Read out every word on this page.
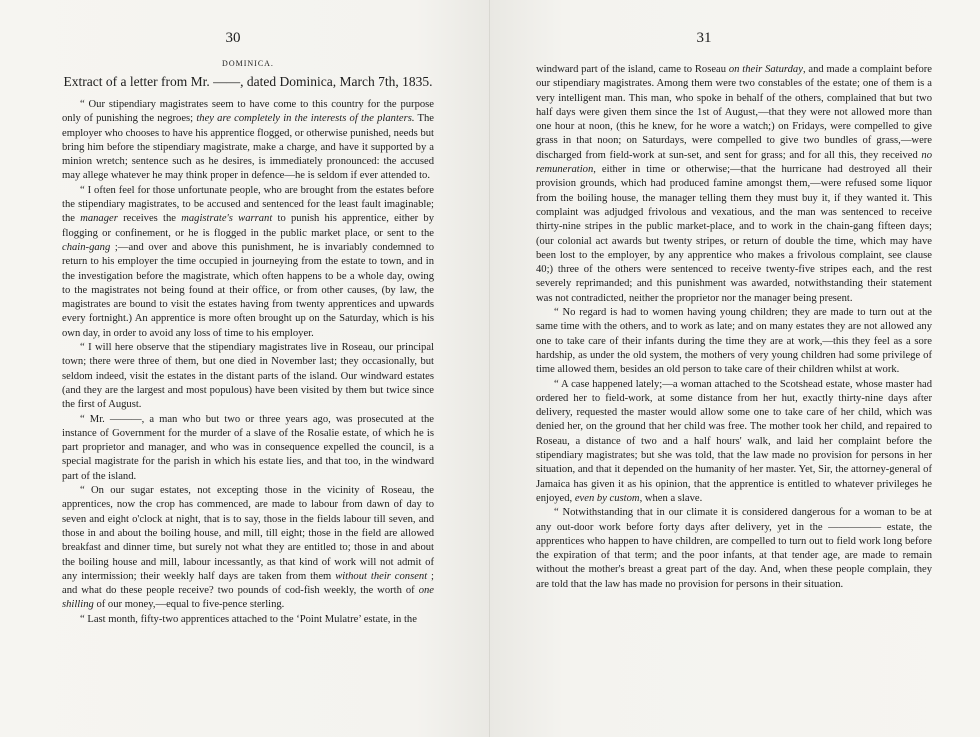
30
DOMINICA.
Extract of a letter from Mr. ——, dated Dominica, March 7th, 1835.

“ Our stipendiary magistrates seem to have come to this country for the purpose only of punishing the negroes; they are completely in the interests of the planters. The employer who chooses to have his apprentice flogged, or otherwise punished, needs but bring him before the stipendiary magistrate, make a charge, and have it supported by a minion wretch; sentence such as he desires, is immediately pronounced: the accused may allege whatever he may think proper in defence—he is seldom if ever attended to.

“ I often feel for those unfortunate people, who are brought from the estates before the stipendiary magistrates, to be accused and sentenced for the least fault imaginable; the manager receives the magistrate's warrant to punish his apprentice, either by flogging or confinement, or he is flogged in the public market place, or sent to the chain-gang ;—and over and above this punishment, he is invariably condemned to return to his employer the time occupied in journeying from the estate to town, and in the investigation before the magistrate, which often happens to be a whole day, owing to the magistrates not being found at their office, or from other causes, (by law, the magistrates are bound to visit the estates having from twenty apprentices and upwards every fortnight.) An apprentice is more often brought up on the Saturday, which is his own day, in order to avoid any loss of time to his employer.

“ I will here observe that the stipendiary magistrates live in Roseau, our principal town; there were three of them, but one died in November last; they occasionally, but seldom indeed, visit the estates in the distant parts of the island. Our windward estates (and they are the largest and most populous) have been visited by them but twice since the first of August.

“ Mr. ———, a man who but two or three years ago, was prosecuted at the instance of Government for the murder of a slave of the Rosalie estate, of which he is part proprietor and manager, and who was in consequence expelled the council, is a special magistrate for the parish in which his estate lies, and that too, in the windward part of the island.

“ On our sugar estates, not excepting those in the vicinity of Roseau, the apprentices, now the crop has commenced, are made to labour from dawn of day to seven and eight o'clock at night, that is to say, those in the fields labour till seven, and those in and about the boiling house, and mill, till eight; those in the field are allowed breakfast and dinner time, but surely not what they are entitled to; those in and about the boiling house and mill, labour incessantly, as that kind of work will not admit of any intermission; their weekly half days are taken from them without their consent ; and what do these people receive? two pounds of cod-fish weekly, the worth of one shilling of our money,—equal to five-pence sterling.

“ Last month, fifty-two apprentices attached to the ‘Point Mulatre’ estate, in the

31

windward part of the island, came to Roseau on their Saturday, and made a complaint before our stipendiary magistrates. Among them were two constables of the estate; one of them is a very intelligent man. This man, who spoke in behalf of the others, complained that but two half days were given them since the 1st of August,—that they were not allowed more than one hour at noon, (this he knew, for he wore a watch;) on Fridays, were compelled to give grass in that noon; on Saturdays, were compelled to give two bundles of grass,—were discharged from field-work at sun-set, and sent for grass; and for all this, they received no remuneration, either in time or otherwise;—that the hurricane had destroyed all their provision grounds, which had produced famine amongst them,—were refused some liquor from the boiling house, the manager telling them they must buy it, if they wanted it. This complaint was adjudged frivolous and vexatious, and the man was sentenced to receive thirty-nine stripes in the public market-place, and to work in the chain-gang fifteen days; (our colonial act awards but twenty stripes, or return of double the time, which may have been lost to the employer, by any apprentice who makes a frivolous complaint, see clause 40;) three of the others were sentenced to receive twenty-five stripes each, and the rest severely reprimanded; and this punishment was awarded, notwithstanding their statement was not contradicted, neither the proprietor nor the manager being present.

“ No regard is had to women having young children; they are made to turn out at the same time with the others, and to work as late; and on many estates they are not allowed any one to take care of their infants during the time they are at work,—this they feel as a sore hardship, as under the old system, the mothers of very young children had some privilege of time allowed them, besides an old person to take care of their children whilst at work.

“ A case happened lately;—a woman attached to the Scotshead estate, whose master had ordered her to field-work, at some distance from her hut, exactly thirty-nine days after delivery, requested the master would allow some one to take care of her child, which was denied her, on the ground that her child was free. The mother took her child, and repaired to Roseau, a distance of two and a half hours' walk, and laid her complaint before the stipendiary magistrates; but she was told, that the law made no provision for persons in her situation, and that it depended on the humanity of her master. Yet, Sir, the attorney-general of Jamaica has given it as his opinion, that the apprentice is entitled to whatever privileges he enjoyed, even by custom, when a slave.

“ Notwithstanding that in our climate it is considered dangerous for a woman to be at any out-door work before forty days after delivery, yet in the ————— estate, the apprentices who happen to have children, are compelled to turn out to field work long before the expiration of that term; and the poor infants, at that tender age, are made to remain without the mother's breast a great part of the day. And, when these people complain, they are told that the law has made no provision for persons in their situation.
